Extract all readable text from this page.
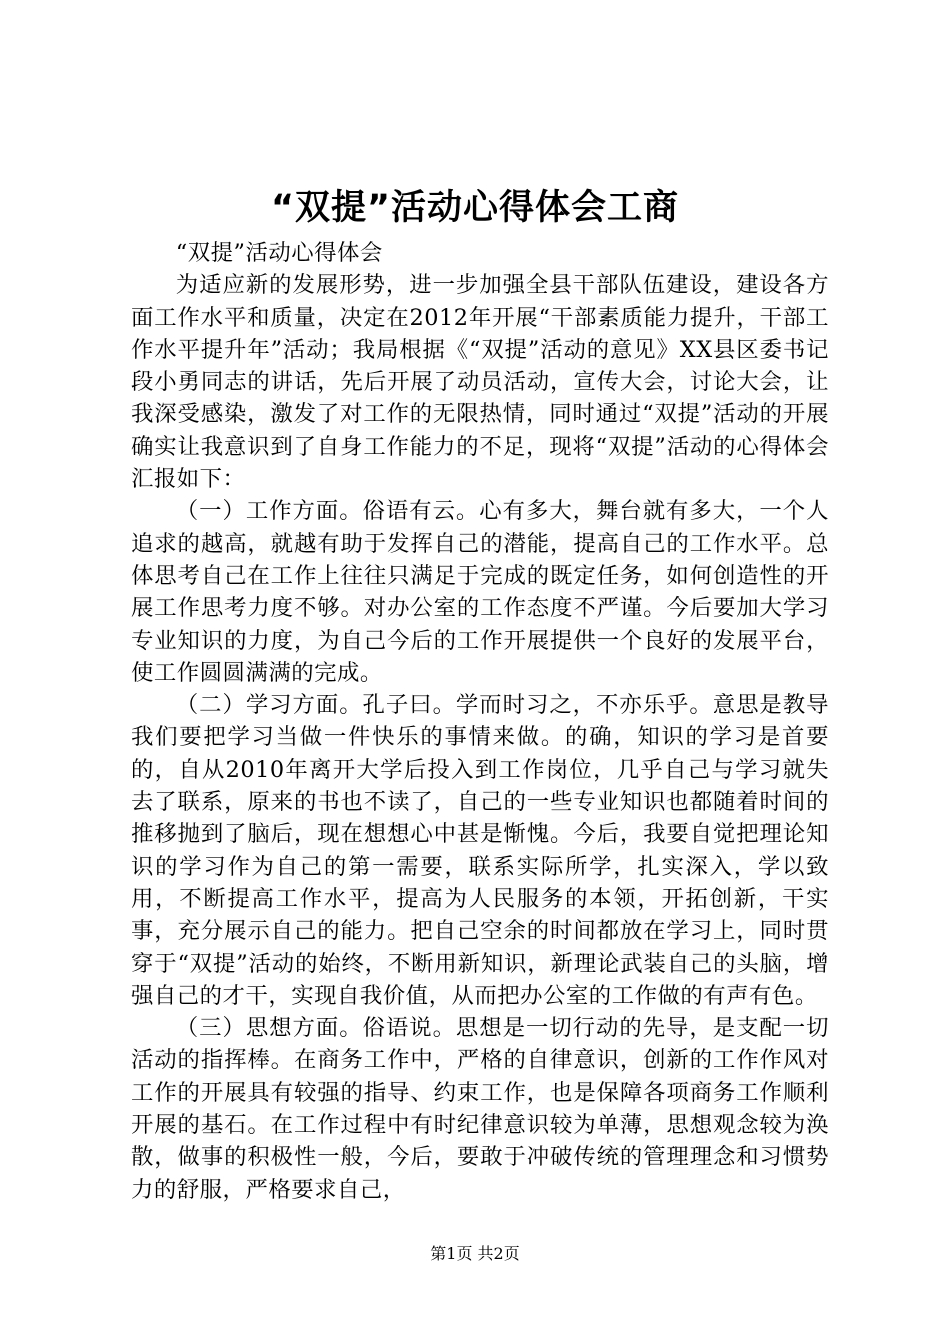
“双提”活动心得体会工商

“双提”活动心得体会

为适应新的发展形势，进一步加强全县干部队伍建设，建设各方面工作水平和质量，决定在2012年开展“干部素质能力提升，干部工作水平提升年”活动；我局根据《“双提”活动的意见》XX县区委书记段小勇同志的讲话，先后开展了动员活动，宣传大会，讨论大会，让我深受感染，激发了对工作的无限热情，同时通过“双提”活动的开展确实让我意识到了自身工作能力的不足，现将“双提”活动的心得体会汇报如下：

（一）工作方面。俗语有云。心有多大，舞台就有多大，一个人追求的越高，就越有助于发挥自己的潜能，提高自己的工作水平。总体思考自己在工作上往往只满足于完成的既定任务，如何创造性的开展工作思考力度不够。对办公室的工作态度不严谨。今后要加大学习专业知识的力度，为自己今后的工作开展提供一个良好的发展平台，使工作圆圆满满的完成。

（二）学习方面。孔子曰。学而时习之，不亦乐乎。意思是教导我们要把学习当做一件快乐的事情来做。的确，知识的学习是首要的，自从2010年离开大学后投入到工作岗位，几乎自己与学习就失去了联系，原来的书也不读了，自己的一些专业知识也都随着时间的推移抛到了脑后，现在想想心中甚是惭愧。今后，我要自觉把理论知识的学习作为自己的第一需要，联系实际所学，扎实深入，学以致用，不断提高工作水平，提高为人民服务的本领，开拓创新，干实事，充分展示自己的能力。把自己空余的时间都放在学习上，同时贯穿于“双提”活动的始终，不断用新知识，新理论武装自己的头脑，增强自己的才干，实现自我价值，从而把办公室的工作做的有声有色。

（三）思想方面。俗语说。思想是一切行动的先导，是支配一切活动的指挥棒。在商务工作中，严格的自律意识，创新的工作作风对工作的开展具有较强的指导、约束工作，也是保障各项商务工作顺利开展的基石。在工作过程中有时纪律意识较为单薄，思想观念较为涣散，做事的积极性一般，今后，要敢于冲破传统的管理理念和习惯势力的舒服，严格要求自己，

第1页 共2页
